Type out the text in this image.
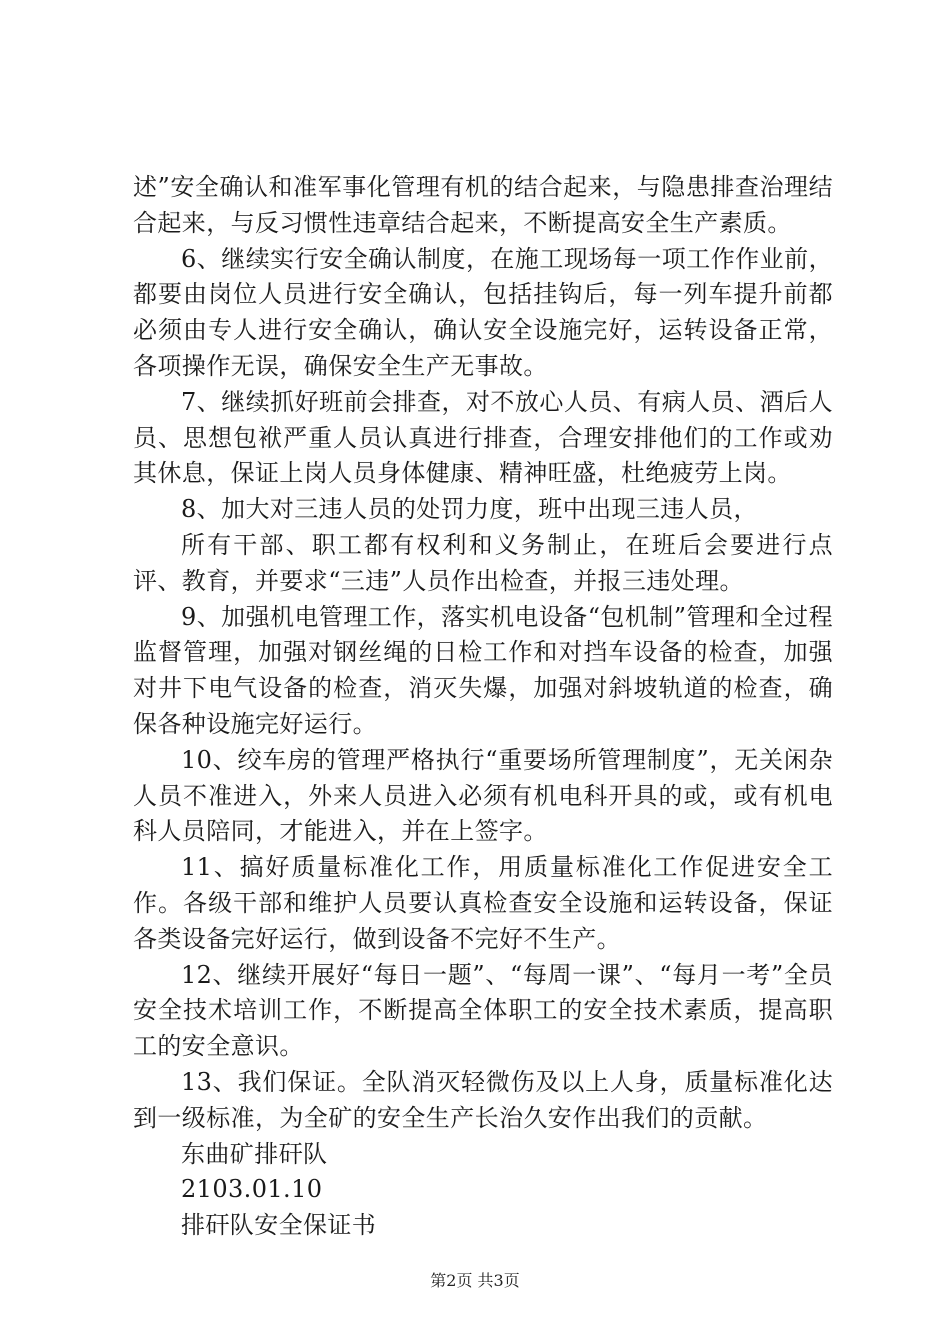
述”安全确认和准军事化管理有机的结合起来，与隐患排查治理结合起来，与反习惯性违章结合起来，不断提高安全生产素质。

6、继续实行安全确认制度，在施工现场每一项工作作业前，都要由岗位人员进行安全确认，包括挂钩后，每一列车提升前都必须由专人进行安全确认，确认安全设施完好，运转设备正常，各项操作无误，确保安全生产无事故。

7、继续抓好班前会排查，对不放心人员、有病人员、酒后人员、思想包袱严重人员认真进行排查，合理安排他们的工作或劝其休息，保证上岗人员身体健康、精神旺盛，杜绝疲劳上岗。

8、加大对三违人员的处罚力度，班中出现三违人员，

所有干部、职工都有权利和义务制止，在班后会要进行点评、教育，并要求“三违”人员作出检查，并报三违处理。

9、加强机电管理工作，落实机电设备“包机制”管理和全过程监督管理，加强对钢丝绳的日检工作和对挡车设备的检查，加强对井下电气设备的检查，消灭失爆，加强对斜坡轨道的检查，确保各种设施完好运行。

10、绞车房的管理严格执行“重要场所管理制度”，无关闲杂人员不准进入，外来人员进入必须有机电科开具的或，或有机电科人员陪同，才能进入，并在上签字。

11、搞好质量标准化工作，用质量标准化工作促进安全工作。各级干部和维护人员要认真检查安全设施和运转设备，保证各类设备完好运行，做到设备不完好不生产。

12、继续开展好“每日一题”、“每周一课”、“每月一考”全员安全技术培训工作，不断提高全体职工的安全技术素质，提高职工的安全意识。

13、我们保证。全队消灭轻微伤及以上人身，质量标准化达到一级标准，为全矿的安全生产长治久安作出我们的贡献。

东曲矿排矸队

2103.01.10

排矸队安全保证书

第2页 共3页
